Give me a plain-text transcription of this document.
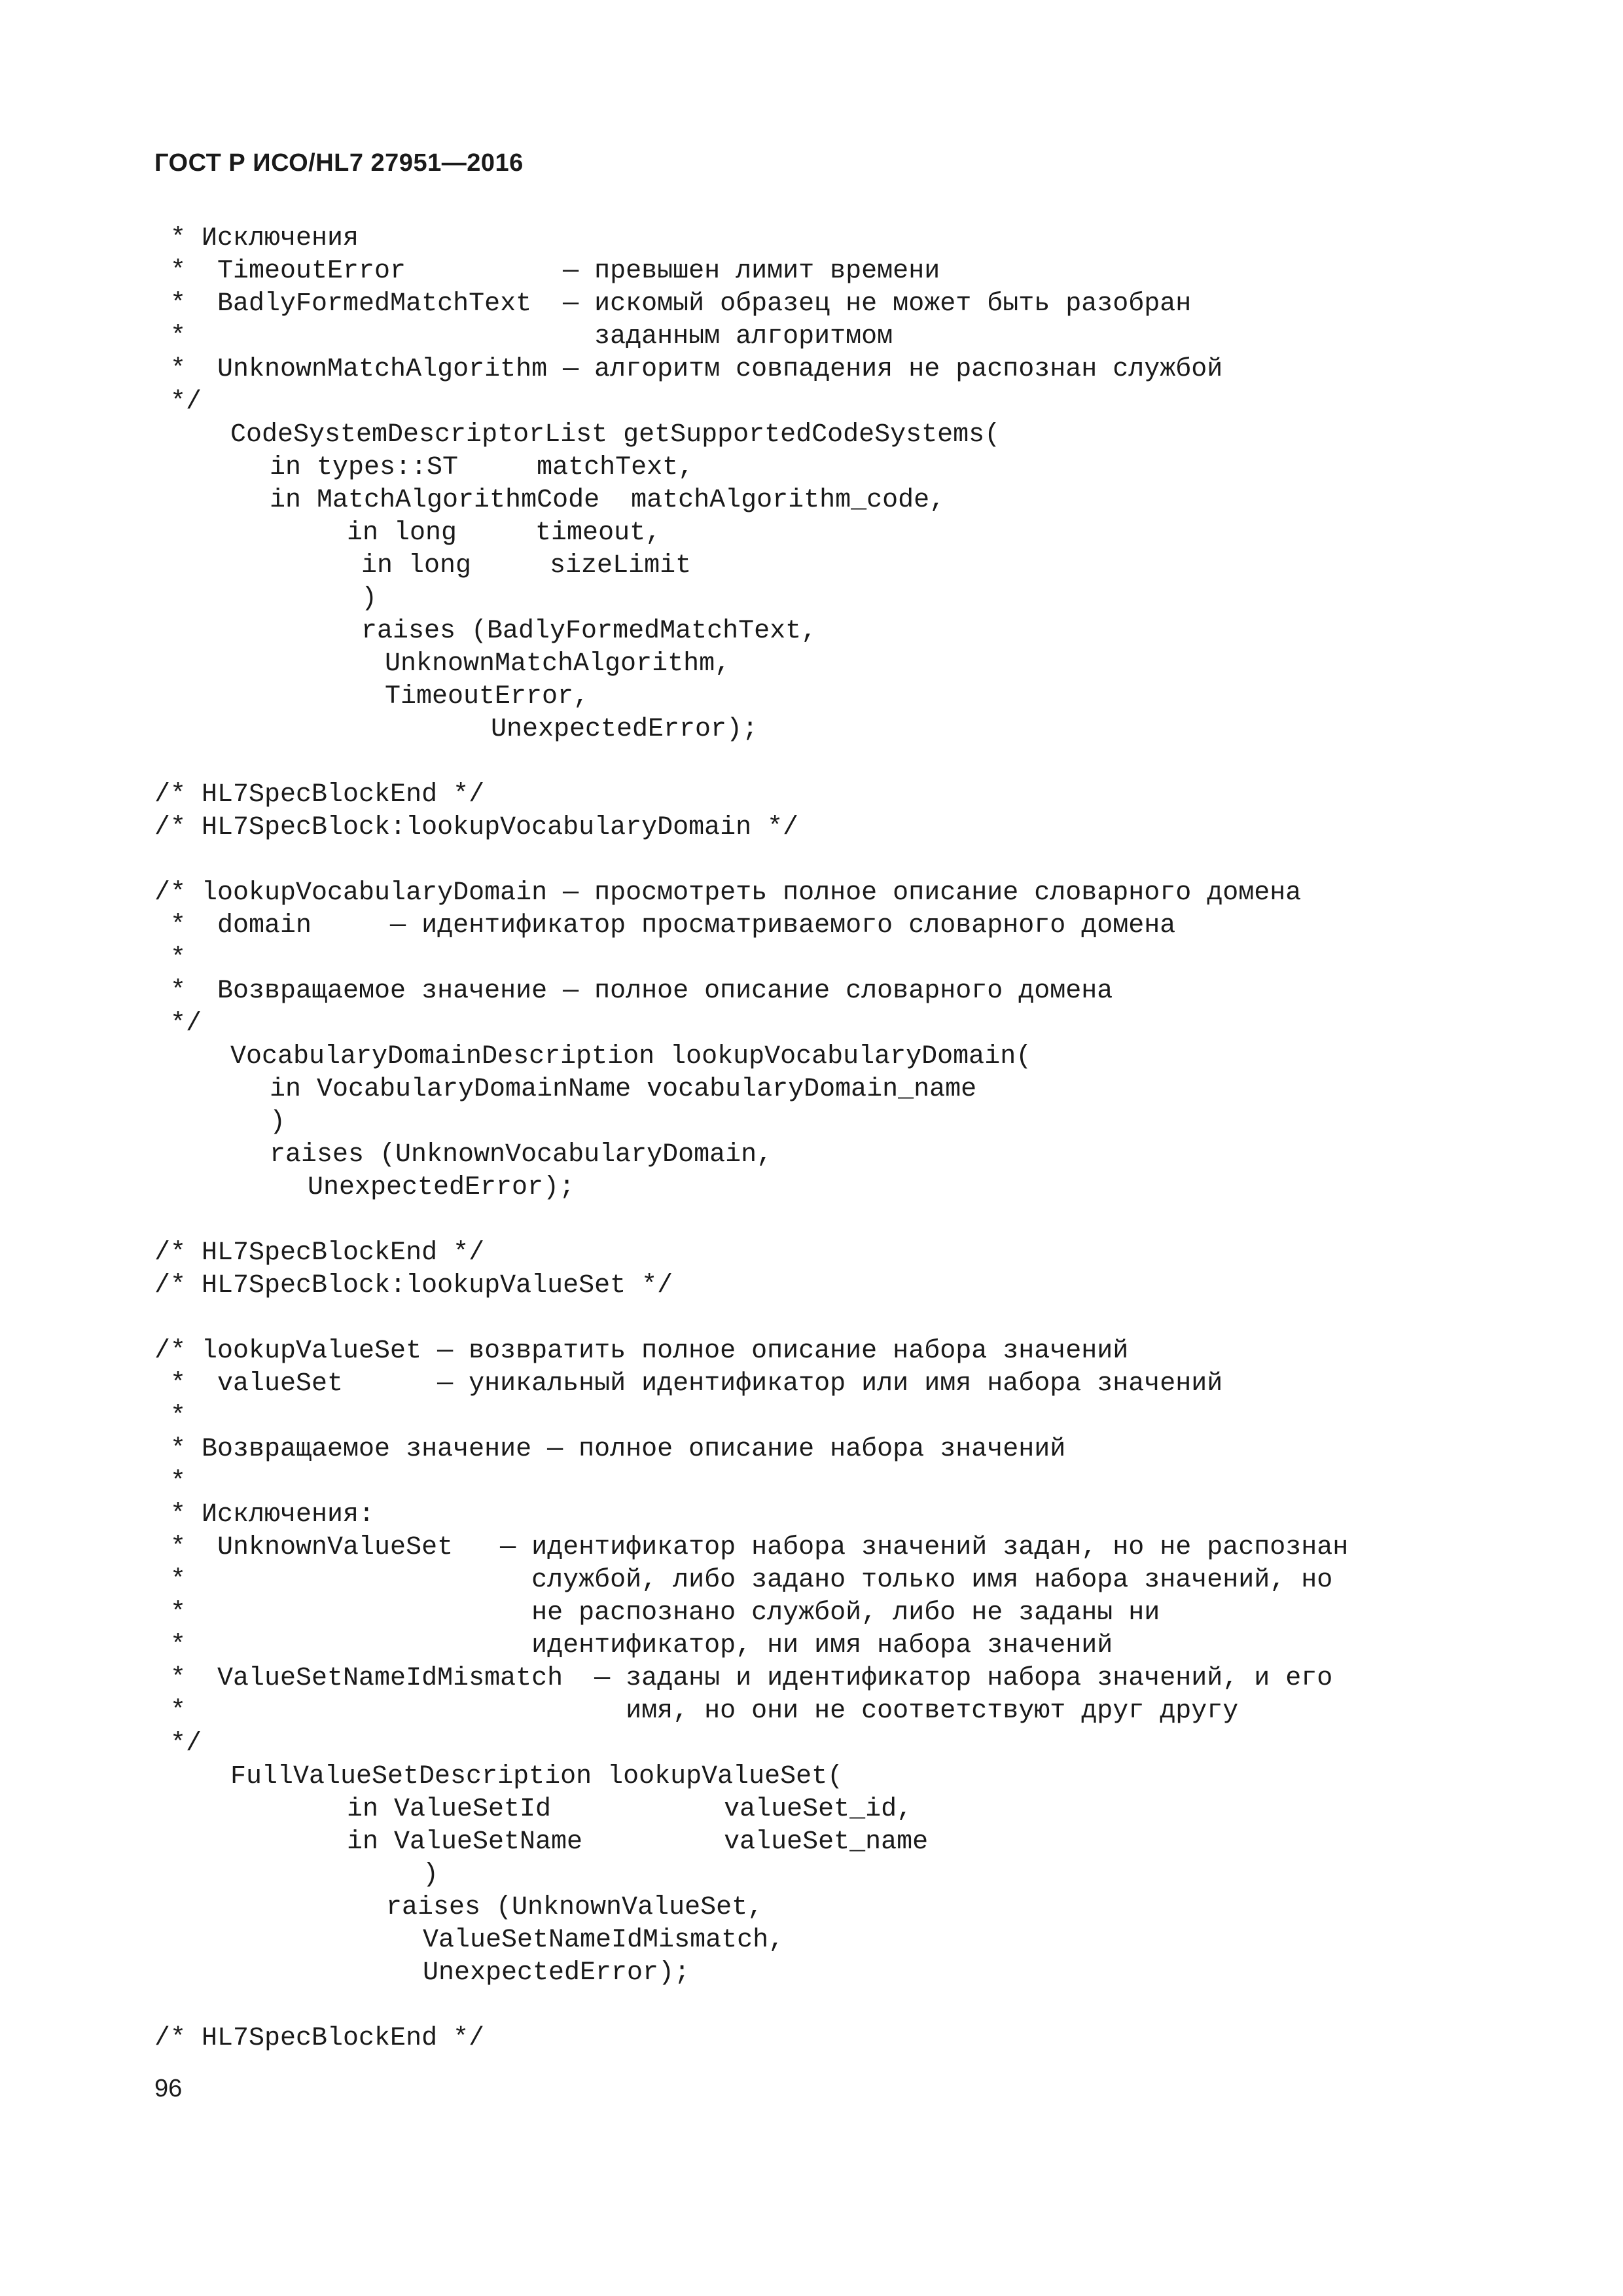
ГОСТ Р ИСО/HL7 27951—2016
* Исключения
*  TimeoutError          — превышен лимит времени
*  BadlyFormedMatchText  — искомый образец не может быть разобран
*                          заданным алгоритмом
*  UnknownMatchAlgorithm — алгоритм совпадения не распознан службой
*/
CodeSystemDescriptorList getSupportedCodeSystems(
in types::ST     matchText,
in MatchAlgorithmCode  matchAlgorithm_code,
in long     timeout,
in long     sizeLimit
)
raises (BadlyFormedMatchText,
UnknownMatchAlgorithm,
TimeoutError,
UnexpectedError);
/* HL7SpecBlockEnd */
/* HL7SpecBlock:lookupVocabularyDomain */
/* lookupVocabularyDomain — просмотреть полное описание словарного домена
*  domain     — идентификатор просматриваемого словарного домена
*
*  Возвращаемое значение — полное описание словарного домена
*/
VocabularyDomainDescription lookupVocabularyDomain(
in VocabularyDomainName vocabularyDomain_name
)
raises (UnknownVocabularyDomain,
UnexpectedError);
/* HL7SpecBlockEnd */
/* HL7SpecBlock:lookupValueSet */
/* lookupValueSet — возвратить полное описание набора значений
*  valueSet      — уникальный идентификатор или имя набора значений
*
* Возвращаемое значение — полное описание набора значений
*
* Исключения:
*  UnknownValueSet   — идентификатор набора значений задан, но не распознан
*                      службой, либо задано только имя набора значений, но
*                      не распознано службой, либо не заданы ни
*                      идентификатор, ни имя набора значений
*  ValueSetNameIdMismatch  — заданы и идентификатор набора значений, и его
*                            имя, но они не соответствуют друг другу
*/
FullValueSetDescription lookupValueSet(
in ValueSetId           valueSet_id,
in ValueSetName         valueSet_name
)
raises (UnknownValueSet,
ValueSetNameIdMismatch,
UnexpectedError);
/* HL7SpecBlockEnd */
96
